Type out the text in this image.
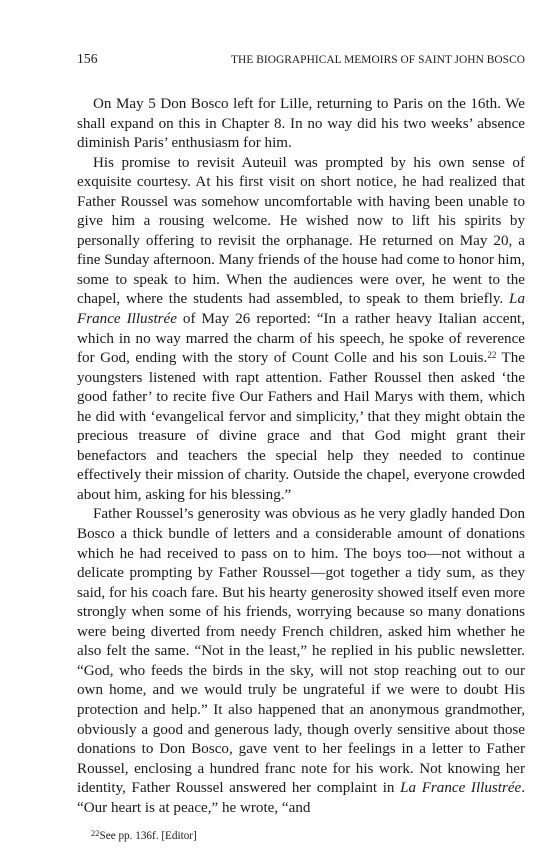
156	THE BIOGRAPHICAL MEMOIRS OF SAINT JOHN BOSCO

On May 5 Don Bosco left for Lille, returning to Paris on the 16th. We shall expand on this in Chapter 8. In no way did his two weeks’ absence diminish Paris’ enthusiasm for him.

His promise to revisit Auteuil was prompted by his own sense of exquisite courtesy. At his first visit on short notice, he had realized that Father Roussel was somehow uncomfortable with having been unable to give him a rousing welcome. He wished now to lift his spirits by personally offering to revisit the orphanage. He returned on May 20, a fine Sunday afternoon. Many friends of the house had come to honor him, some to speak to him. When the audiences were over, he went to the chapel, where the students had assembled, to speak to them briefly. La France Illustrée of May 26 reported: “In a rather heavy Italian accent, which in no way marred the charm of his speech, he spoke of reverence for God, ending with the story of Count Colle and his son Louis.$^{22}$ The youngsters listened with rapt attention. Father Roussel then asked ‘the good father’ to recite five Our Fathers and Hail Marys with them, which he did with ‘evangelical fervor and simplicity,’ that they might obtain the precious treasure of divine grace and that God might grant their benefactors and teachers the special help they needed to continue effectively their mission of charity. Outside the chapel, everyone crowded about him, asking for his blessing.”

Father Roussel’s generosity was obvious as he very gladly handed Don Bosco a thick bundle of letters and a considerable amount of donations which he had received to pass on to him. The boys too—not without a delicate prompting by Father Roussel—got together a tidy sum, as they said, for his coach fare. But his hearty generosity showed itself even more strongly when some of his friends, worrying because so many donations were being diverted from needy French children, asked him whether he also felt the same. “Not in the least,” he replied in his public newsletter. “God, who feeds the birds in the sky, will not stop reaching out to our own home, and we would truly be ungrateful if we were to doubt His protection and help.” It also happened that an anonymous grandmother, obviously a good and generous lady, though overly sensitive about those donations to Don Bosco, gave vent to her feelings in a letter to Father Roussel, enclosing a hundred franc note for his work. Not knowing her identity, Father Roussel answered her complaint in La France Illustrée. “Our heart is at peace,” he wrote, “and

$^{22}$See pp. 136f. [Editor]
